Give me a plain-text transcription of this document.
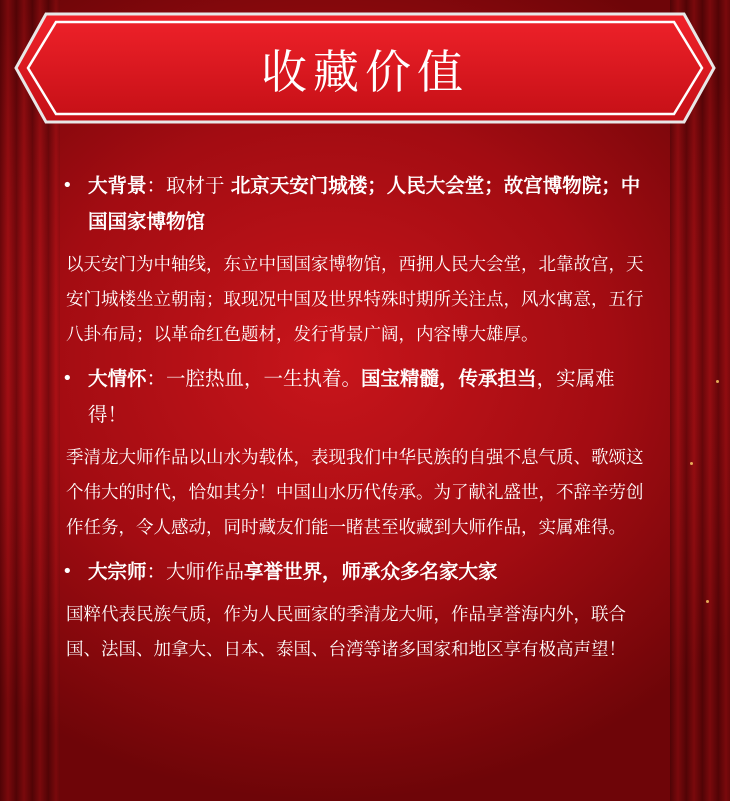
收藏价值
• 大背景：取材于 北京天安门城楼；人民大会堂；故宫博物院；中国国家博物馆
以天安门为中轴线，东立中国国家博物馆，西拥人民大会堂，北靠故宫，天安门城楼坐立朝南；取现况中国及世界特殊时期所关注点，风水寓意，五行八卦布局；以革命红色题材，发行背景广阔，内容博大雄厚。
• 大情怀：一腔热血，一生执着。国宝精髓，传承担当，实属难得！
季清龙大师作品以山水为载体，表现我们中华民族的自强不息气质、歌颂这个伟大的时代，恰如其分！中国山水历代传承。为了献礼盛世，不辞辛劳创作任务，令人感动，同时藏友们能一睹甚至收藏到大师作品，实属难得。
• 大宗师：大师作品享誉世界，师承众多名家大家
国粹代表民族气质，作为人民画家的季清龙大师，作品享誉海内外，联合国、法国、加拿大、日本、泰国、台湾等诸多国家和地区享有极高声望！
